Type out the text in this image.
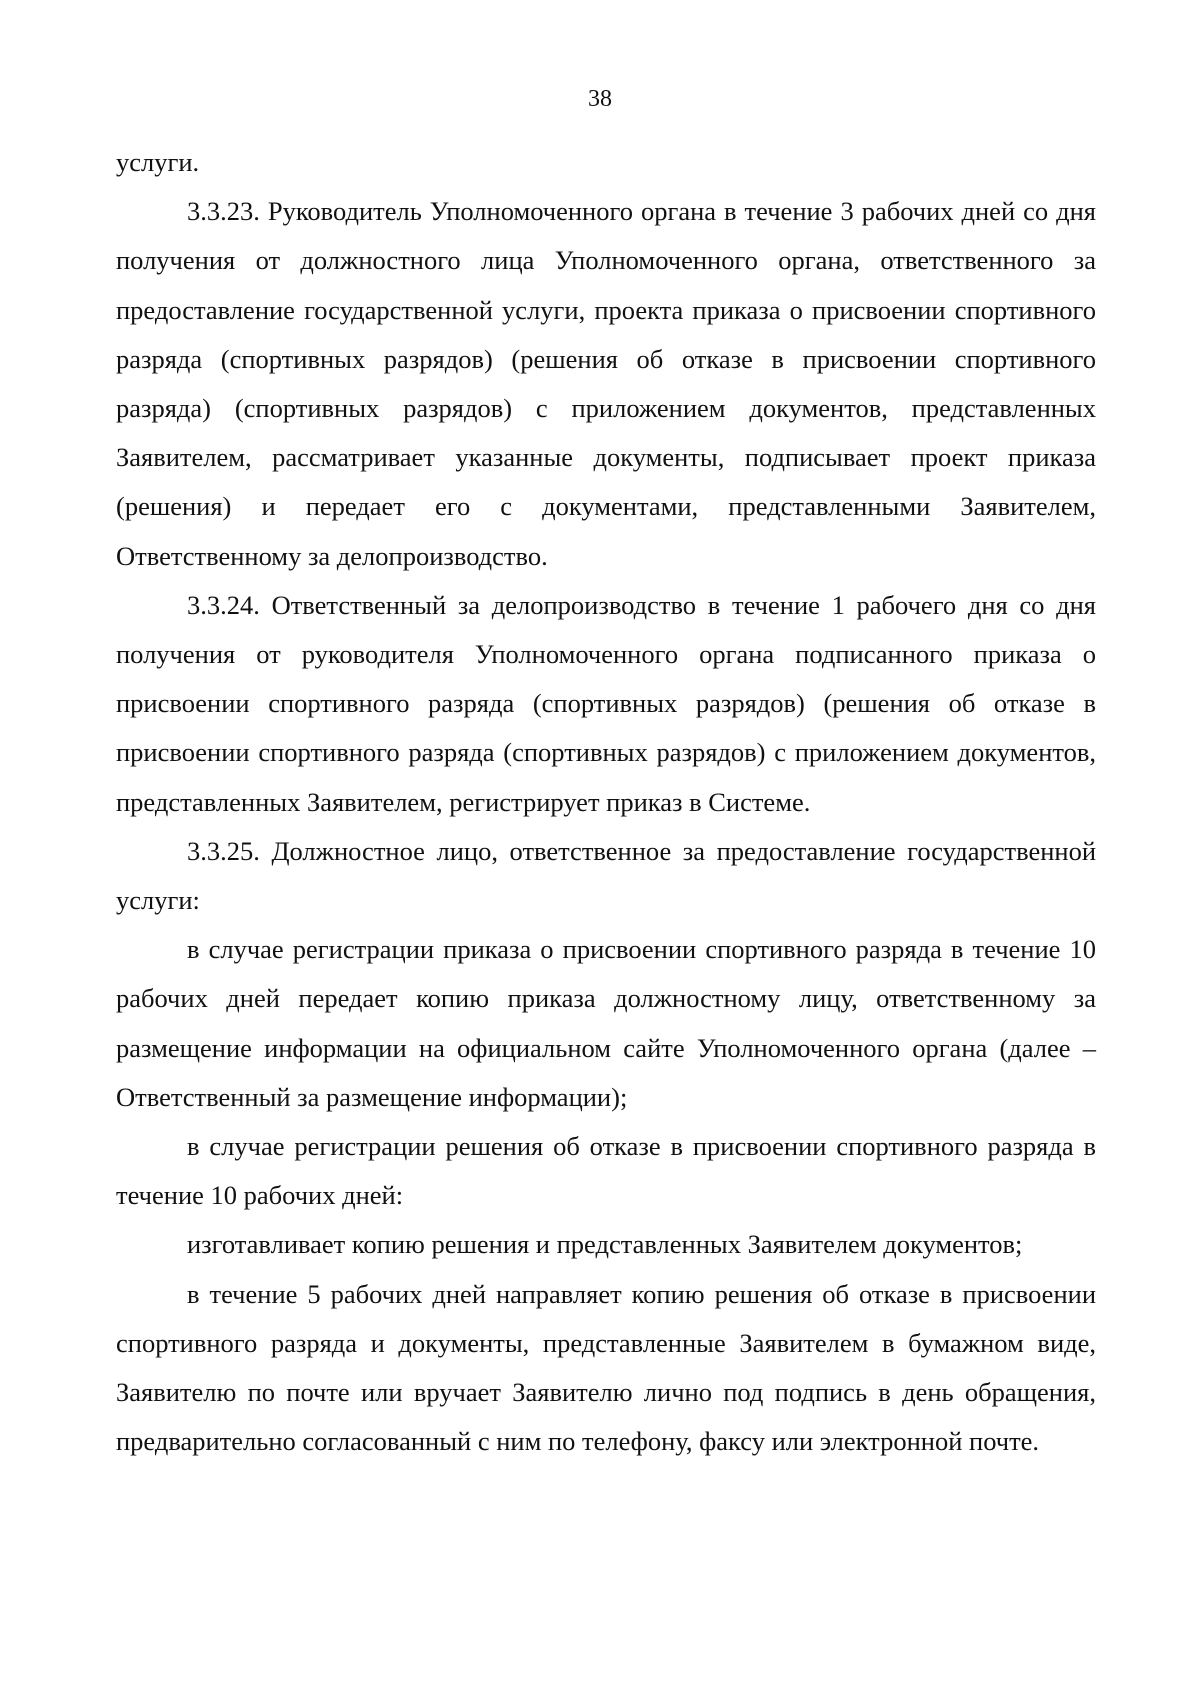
38

услуги.

3.3.23. Руководитель Уполномоченного органа в течение 3 рабочих дней со дня получения от должностного лица Уполномоченного органа, ответственного за предоставление государственной услуги, проекта приказа о присвоении спортивного разряда (спортивных разрядов) (решения об отказе в присвоении спортивного разряда) (спортивных разрядов) с приложением документов, представленных Заявителем, рассматривает указанные документы, подписывает проект приказа (решения) и передает его с документами, представленными Заявителем, Ответственному за делопроизводство.

3.3.24. Ответственный за делопроизводство в течение 1 рабочего дня со дня получения от руководителя Уполномоченного органа подписанного приказа о присвоении спортивного разряда (спортивных разрядов) (решения об отказе в присвоении спортивного разряда (спортивных разрядов) с приложением документов, представленных Заявителем, регистрирует приказ в Системе.

3.3.25. Должностное лицо, ответственное за предоставление государственной услуги:

в случае регистрации приказа о присвоении спортивного разряда в течение 10 рабочих дней передает копию приказа должностному лицу, ответственному за размещение информации на официальном сайте Уполномоченного органа (далее – Ответственный за размещение информации);

в случае регистрации решения об отказе в присвоении спортивного разряда в течение 10 рабочих дней:

изготавливает копию решения и представленных Заявителем документов;

в течение 5 рабочих дней направляет копию решения об отказе в присвоении спортивного разряда и документы, представленные Заявителем в бумажном виде, Заявителю по почте или вручает Заявителю лично под подпись в день обращения, предварительно согласованный с ним по телефону, факсу или электронной почте.
